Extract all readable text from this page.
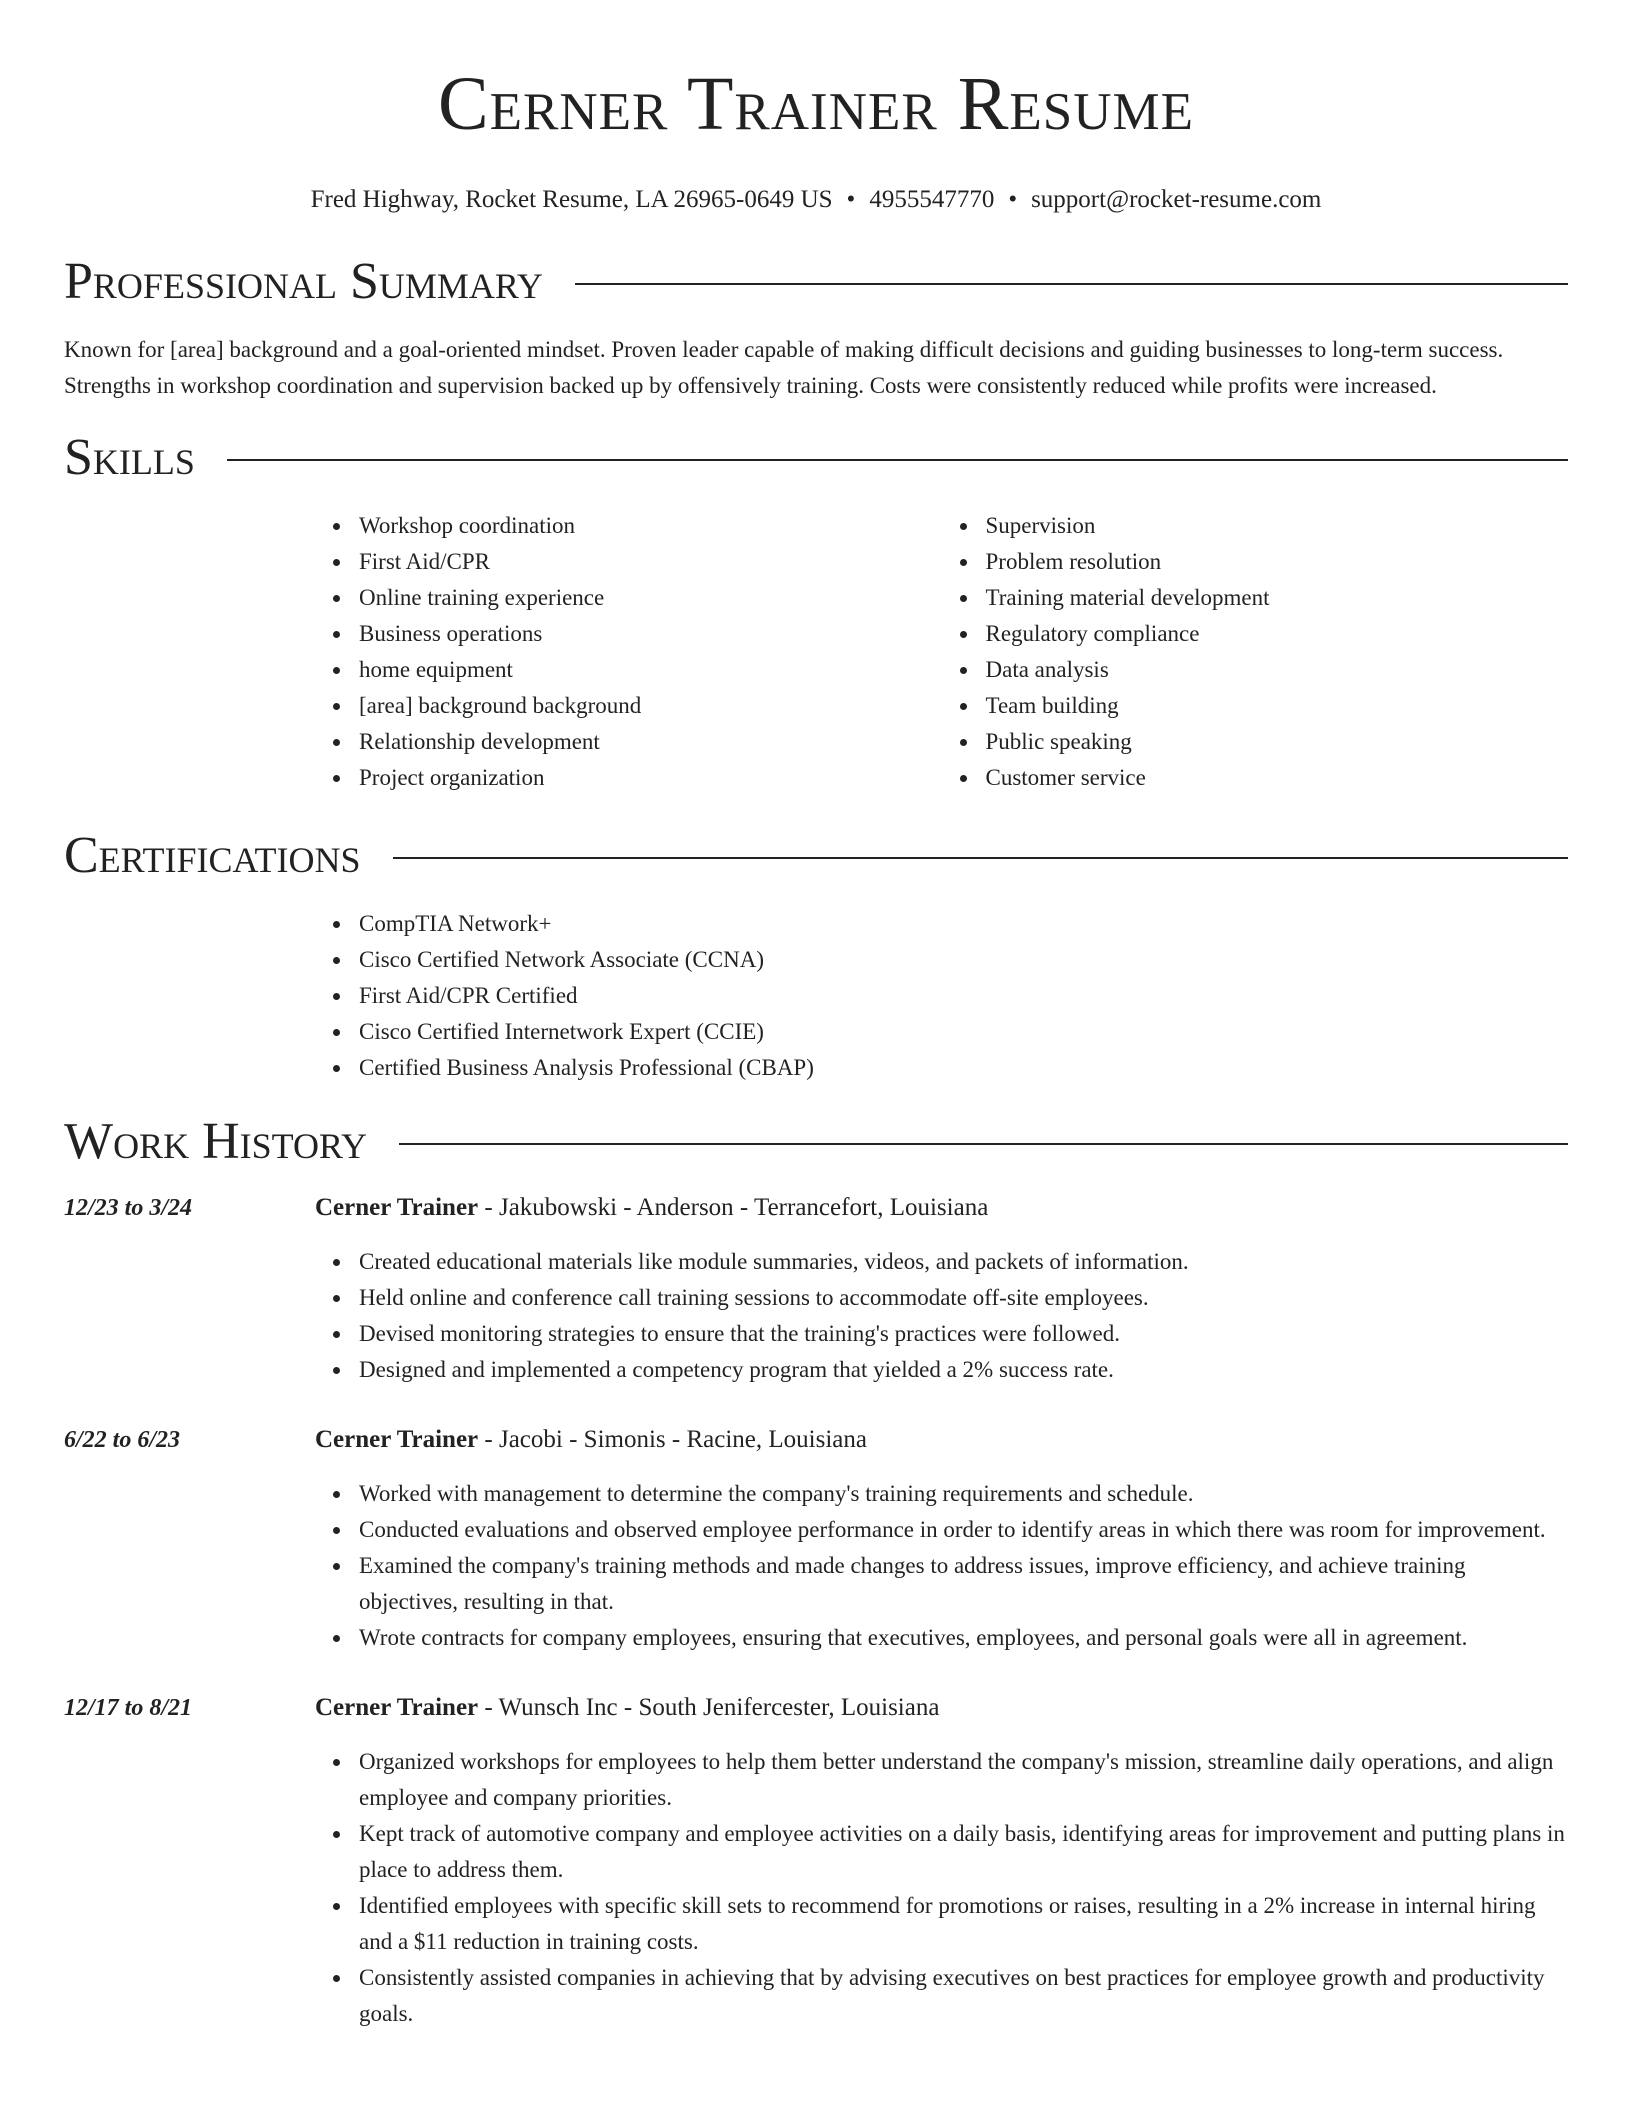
Cerner Trainer Resume
Fred Highway, Rocket Resume, LA 26965-0649 US • 4955547770 • support@rocket-resume.com
Professional Summary

Known for [area] background and a goal-oriented mindset. Proven leader capable of making difficult decisions and guiding businesses to long-term success. Strengths in workshop coordination and supervision backed up by offensively training. Costs were consistently reduced while profits were increased.

Skills
Workshop coordination
First Aid/CPR
Online training experience
Business operations
home equipment
[area] background background
Relationship development
Project organization
Supervision
Problem resolution
Training material development
Regulatory compliance
Data analysis
Team building
Public speaking
Customer service
Certifications
CompTIA Network+
Cisco Certified Network Associate (CCNA)
First Aid/CPR Certified
Cisco Certified Internetwork Expert (CCIE)
Certified Business Analysis Professional (CBAP)
Work History
12/23 to 3/24	Cerner Trainer - Jakubowski - Anderson - Terrancefort, Louisiana
Created educational materials like module summaries, videos, and packets of information.
Held online and conference call training sessions to accommodate off-site employees.
Devised monitoring strategies to ensure that the training's practices were followed.
Designed and implemented a competency program that yielded a 2% success rate.
6/22 to 6/23	Cerner Trainer - Jacobi - Simonis - Racine, Louisiana
Worked with management to determine the company's training requirements and schedule.
Conducted evaluations and observed employee performance in order to identify areas in which there was room for improvement.
Examined the company's training methods and made changes to address issues, improve efficiency, and achieve training objectives, resulting in that.
Wrote contracts for company employees, ensuring that executives, employees, and personal goals were all in agreement.
12/17 to 8/21	Cerner Trainer - Wunsch Inc - South Jenifercester, Louisiana
Organized workshops for employees to help them better understand the company's mission, streamline daily operations, and align employee and company priorities.
Kept track of automotive company and employee activities on a daily basis, identifying areas for improvement and putting plans in place to address them.
Identified employees with specific skill sets to recommend for promotions or raises, resulting in a 2% increase in internal hiring and a $11 reduction in training costs.
Consistently assisted companies in achieving that by advising executives on best practices for employee growth and productivity goals.
